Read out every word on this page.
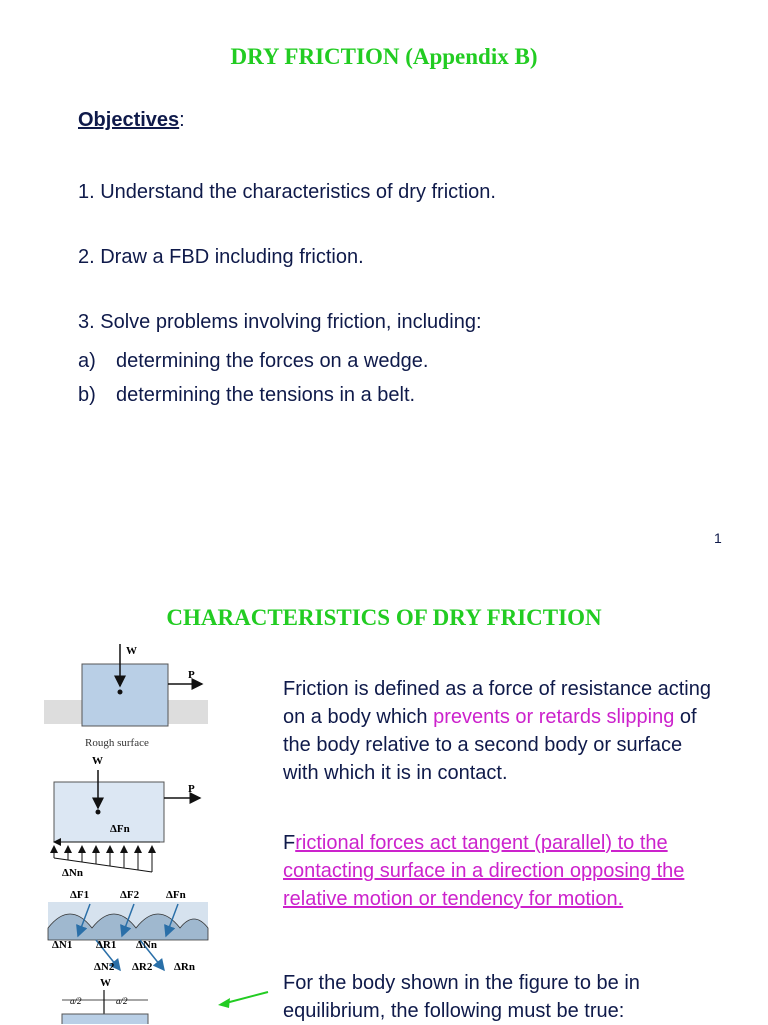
DRY FRICTION (Appendix B)
Objectives:
1. Understand the characteristics of dry friction.
2. Draw a FBD including friction.
3. Solve problems involving friction, including:
a) determining the forces on a wedge.
b) determining the tensions in a belt.
1
CHARACTERISTICS OF DRY FRICTION
W
P
Rough surface
W
P
ΔFn
ΔNn
ΔF1	ΔF2 ΔFn
ΔN1 ΔR1 ΔNn
ΔN2 ΔR2 ΔRn
W
a/2	a/2
Friction is defined as a force of resistance acting on a body which prevents or retards slipping of the body relative to a second body or surface with which it is in contact.
Frictional forces act tangent (parallel) to the contacting surface in a direction opposing the relative motion or tendency for motion.
For the body shown in the figure to be in equilibrium, the following must be true:
